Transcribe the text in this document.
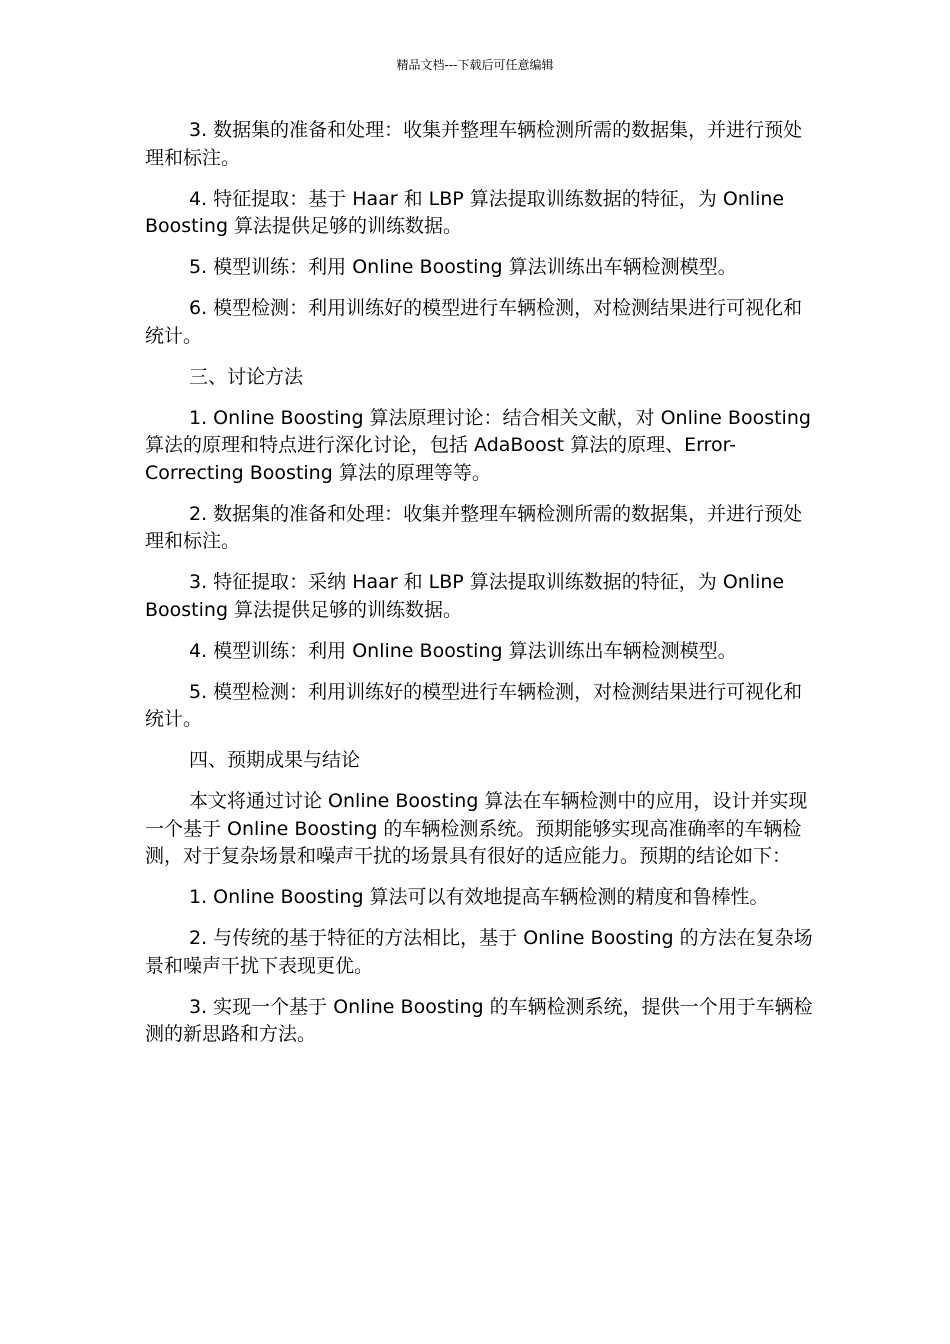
精品文档---下载后可任意编辑

3. 数据集的准备和处理：收集并整理车辆检测所需的数据集，并进行预处理和标注。

4. 特征提取：基于 Haar 和 LBP 算法提取训练数据的特征，为 Online Boosting 算法提供足够的训练数据。

5. 模型训练：利用 Online Boosting 算法训练出车辆检测模型。

6. 模型检测：利用训练好的模型进行车辆检测，对检测结果进行可视化和统计。

三、讨论方法

1. Online Boosting 算法原理讨论：结合相关文献，对 Online Boosting 算法的原理和特点进行深化讨论，包括 AdaBoost 算法的原理、Error-Correcting Boosting 算法的原理等等。

2. 数据集的准备和处理：收集并整理车辆检测所需的数据集，并进行预处理和标注。

3. 特征提取：采纳 Haar 和 LBP 算法提取训练数据的特征，为 Online Boosting 算法提供足够的训练数据。

4. 模型训练：利用 Online Boosting 算法训练出车辆检测模型。

5. 模型检测：利用训练好的模型进行车辆检测，对检测结果进行可视化和统计。

四、预期成果与结论

本文将通过讨论 Online Boosting 算法在车辆检测中的应用，设计并实现一个基于 Online Boosting 的车辆检测系统。预期能够实现高准确率的车辆检测，对于复杂场景和噪声干扰的场景具有很好的适应能力。预期的结论如下：

1. Online Boosting 算法可以有效地提高车辆检测的精度和鲁棒性。

2. 与传统的基于特征的方法相比，基于 Online Boosting 的方法在复杂场景和噪声干扰下表现更优。

3. 实现一个基于 Online Boosting 的车辆检测系统，提供一个用于车辆检测的新思路和方法。
